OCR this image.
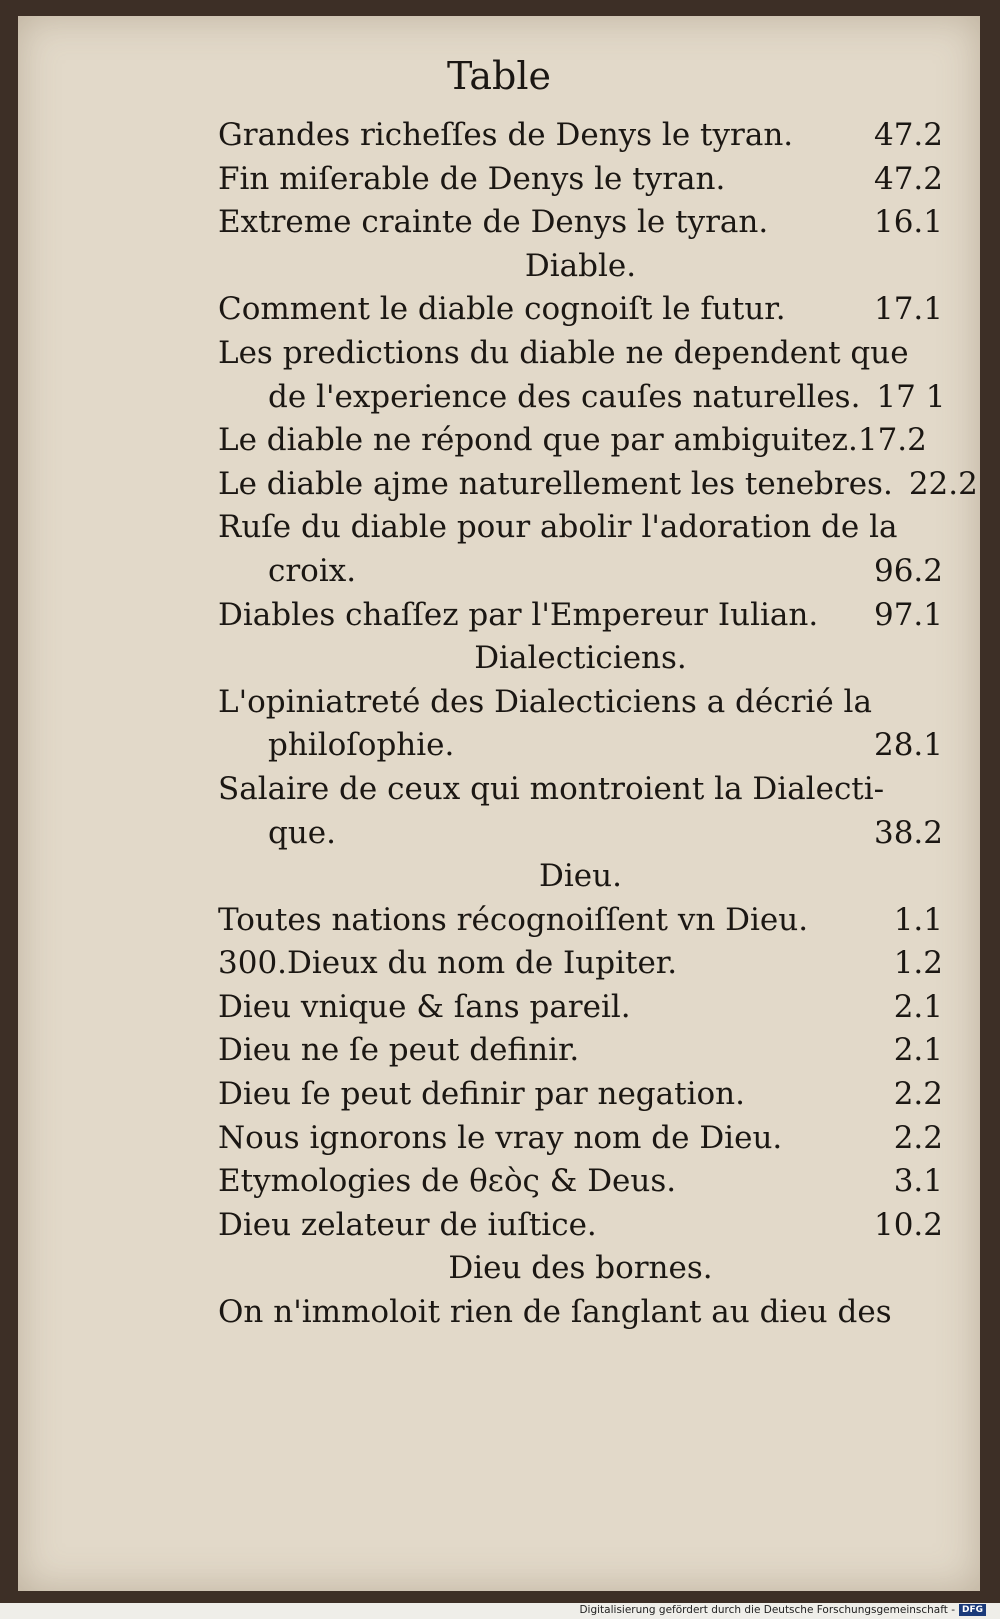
Table
Grandes richeſſes de Denys le tyran.	47.2
Fin miſerable de Denys le tyran.	47.2
Extreme crainte de Denys le tyran.	16.1
Diable.
Comment le diable cognoiſt le futur.	17.1
Les predictions du diable ne dependent que
de l'experience des cauſes naturelles. 17 1
Le diable ne répond que par ambiguitez.17.2
Le diable ajme naturellement les tenebres. 22.2
Ruſe du diable pour abolir l'adoration de la
croix.	96.2
Diables chaſſez par l'Empereur Iulian. 97.1
Dialecticiens.
L'opiniatreté des Dialecticiens a décrié la
philoſophie.	28.1
Salaire de ceux qui montroient la Dialecti-
que.	38.2
Dieu.
Toutes nations récognoiſſent vn Dieu.	1.1
300.Dieux du nom de Iupiter.	1.2
Dieu vnique & ſans pareil.	2.1
Dieu ne ſe peut definir.	2.1
Dieu ſe peut definir par negation.	2.2
Nous ignorons le vray nom de Dieu.	2.2
Etymologies de θεὸς & Deus.	3.1
Dieu zelateur de iuſtice.	10.2
Dieu des bornes.
On n'immoloit rien de ſanglant au dieu des
Digitalisierung gefördert durch die Deutsche Forschungsgemeinschaft - DFG
